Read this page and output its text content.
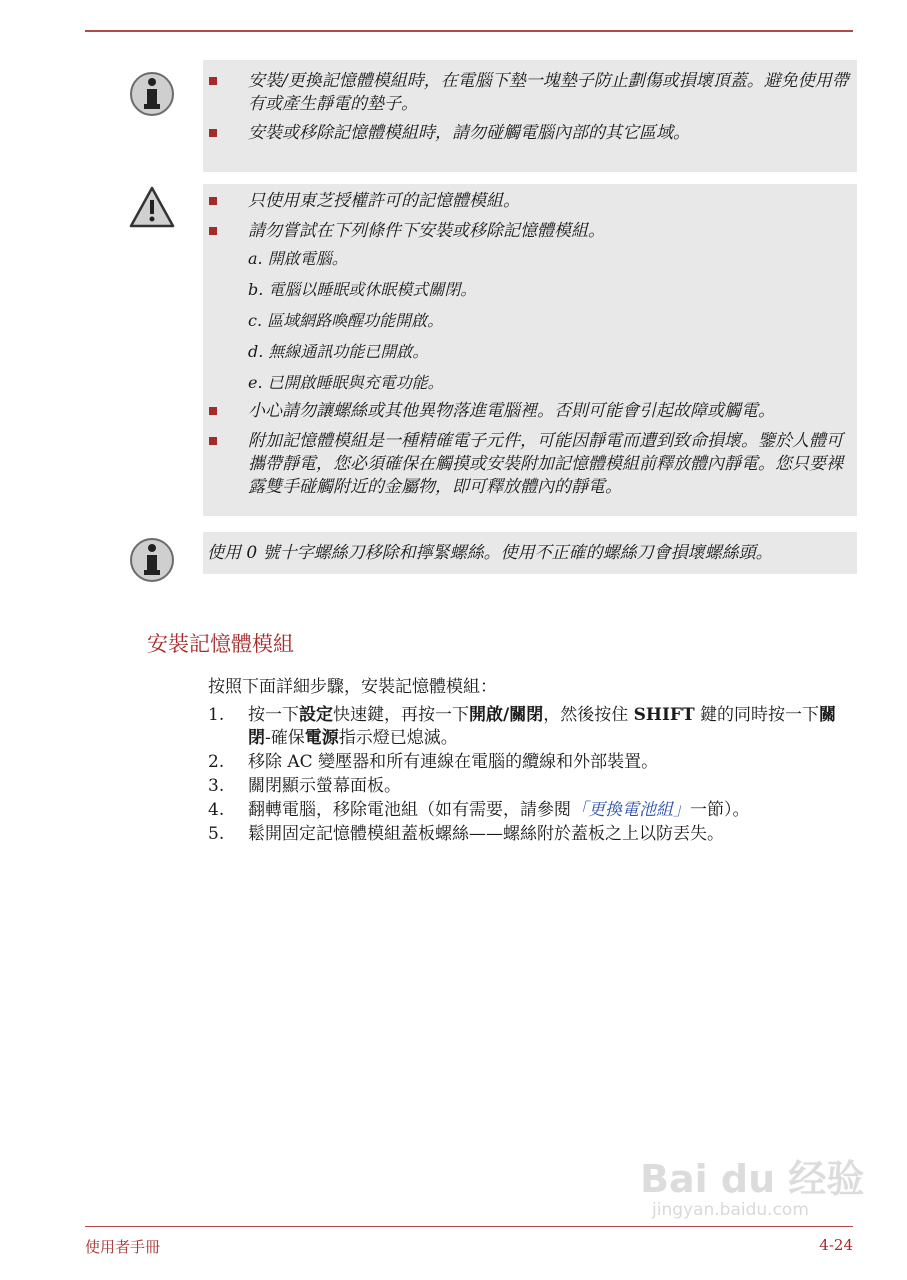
安裝/更換記憶體模組時，在電腦下墊一塊墊子防止劃傷或損壞頂蓋。避免使用帶有或產生靜電的墊子。
安裝或移除記憶體模組時，請勿碰觸電腦內部的其它區域。
只使用東芝授權許可的記憶體模組。
請勿嘗試在下列條件下安裝或移除記憶體模組。
a. 開啟電腦。
b. 電腦以睡眠或休眠模式關閉。
c. 區域網路喚醒功能開啟。
d. 無線通訊功能已開啟。
e. 已開啟睡眠與充電功能。
小心請勿讓螺絲或其他異物落進電腦裡。否則可能會引起故障或觸電。
附加記憶體模組是一種精確電子元件，可能因靜電而遭到致命損壞。鑒於人體可攜帶靜電，您必須確保在觸摸或安裝附加記憶體模組前釋放體內靜電。您只要裸露雙手碰觸附近的金屬物，即可釋放體內的靜電。
使用 0 號十字螺絲刀移除和擰緊螺絲。使用不正確的螺絲刀會損壞螺絲頭。
安裝記憶體模組
按照下面詳細步驟，安裝記憶體模組：
1. 按一下設定快速鍵，再按一下開啟/關閉，然後按住 SHIFT 鍵的同時按一下關閉-確保電源指示燈已熄滅。
2. 移除 AC 變壓器和所有連線在電腦的纜線和外部裝置。
3. 關閉顯示螢幕面板。
4. 翻轉電腦，移除電池組（如有需要，請參閱「更換電池組」一節）。
5. 鬆開固定記憶體模組蓋板螺絲——螺絲附於蓋板之上以防丟失。
Bai du 经验
jingyan.baidu.com
使用者手冊	4-24
